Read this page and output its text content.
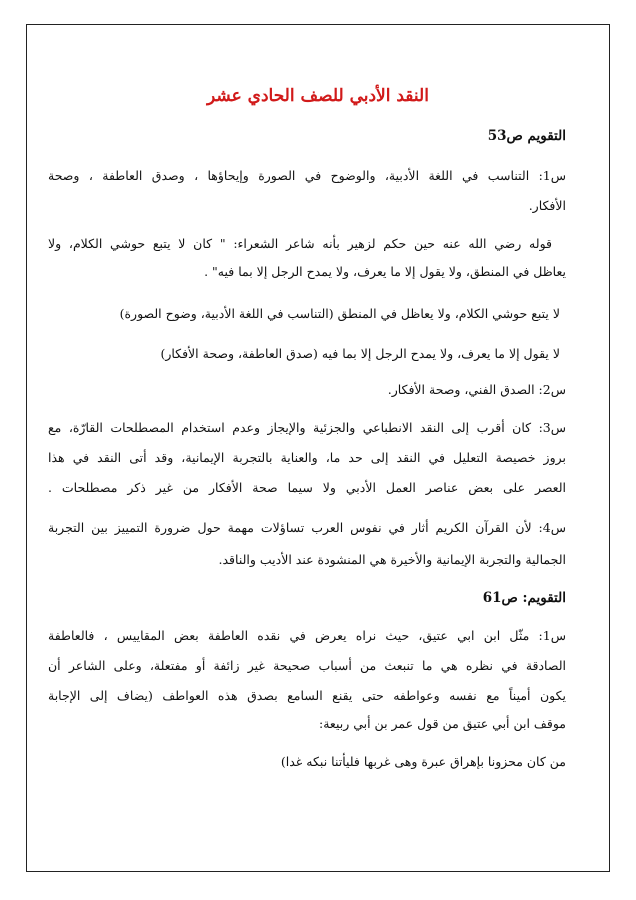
النقد الأدبي للصف الحادي عشر
التقويم ص53
س1: التناسب في اللغة الأدبية، والوضوح في الصورة وإيحاؤها ، وصدق العاطفة ، وصحة
الأفكار.
قوله رضي الله عنه حين حكم لزهير بأنه شاعر الشعراء: " كان لا يتبع حوشي الكلام، ولا
يعاظل في المنطق، ولا يقول إلا ما يعرف، ولا يمدح الرجل إلا بما فيه" .
لا يتبع حوشي الكلام، ولا يعاظل في المنطق (التناسب في اللغة الأدبية، وضوح الصورة)
لا يقول إلا ما يعرف، ولا يمدح الرجل إلا بما فيه (صدق العاطفة، وصحة الأفكار)
س2: الصدق الفني، وصحة الأفكار.
س3: كان أقرب إلى النقد الانطباعي والجزئية والإيجاز وعدم استخدام المصطلحات القارّة، مع
بروز خصيصة التعليل في النقد إلى حد ما، والعناية بالتجربة الإيمانية، وقد أتى النقد في هذا
العصر على بعض عناصر العمل الأدبي ولا سيما صحة الأفكار من غير ذكر مصطلحات .
س4: لأن القرآن الكريم أثار في نفوس العرب تساؤلات مهمة حول ضرورة التمييز بين التجربة
الجمالية والتجربة الإيمانية والأخيرة هي المنشودة عند الأديب والناقد.
التقويم: ص61
س1: مثّل ابن ابي عتيق، حيث نراه يعرض في نقده العاطفة بعض المقاييس ، فالعاطفة
الصادقة في نظره هي ما تنبعث من أسباب صحيحة غير زائفة أو مفتعلة، وعلى الشاعر أن
يكون أميناً مع نفسه وعواطفه حتى يقنع السامع بصدق هذه العواطف (يضاف إلى الإجابة
موقف ابن أبي عتيق من قول عمر بن أبي ربيعة:
من كان محزونا بإهراق عبرة وهى غربها فليأتنا نبكه غدا)
